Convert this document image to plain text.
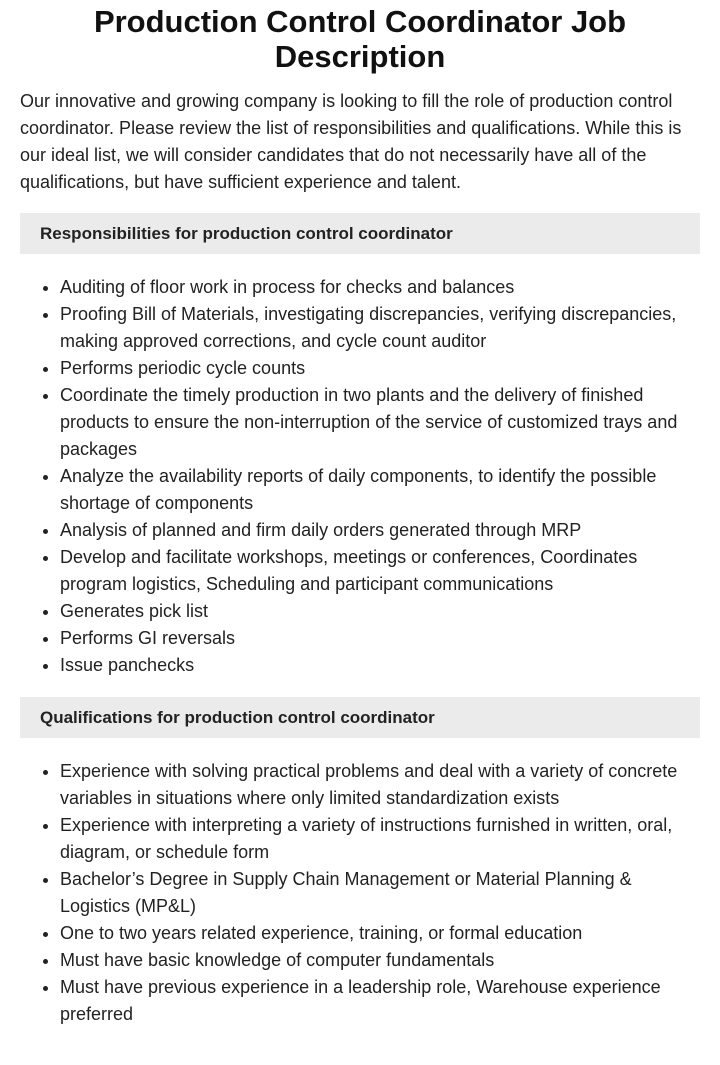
Production Control Coordinator Job Description

Our innovative and growing company is looking to fill the role of production control coordinator. Please review the list of responsibilities and qualifications. While this is our ideal list, we will consider candidates that do not necessarily have all of the qualifications, but have sufficient experience and talent.

Responsibilities for production control coordinator
• Auditing of floor work in process for checks and balances
• Proofing Bill of Materials, investigating discrepancies, verifying discrepancies, making approved corrections, and cycle count auditor
• Performs periodic cycle counts
• Coordinate the timely production in two plants and the delivery of finished products to ensure the non-interruption of the service of customized trays and packages
• Analyze the availability reports of daily components, to identify the possible shortage of components
• Analysis of planned and firm daily orders generated through MRP
• Develop and facilitate workshops, meetings or conferences, Coordinates program logistics, Scheduling and participant communications
• Generates pick list
• Performs GI reversals
• Issue panchecks
Qualifications for production control coordinator
• Experience with solving practical problems and deal with a variety of concrete variables in situations where only limited standardization exists
• Experience with interpreting a variety of instructions furnished in written, oral, diagram, or schedule form
• Bachelor’s Degree in Supply Chain Management or Material Planning & Logistics (MP&L)
• One to two years related experience, training, or formal education
• Must have basic knowledge of computer fundamentals
• Must have previous experience in a leadership role, Warehouse experience preferred
